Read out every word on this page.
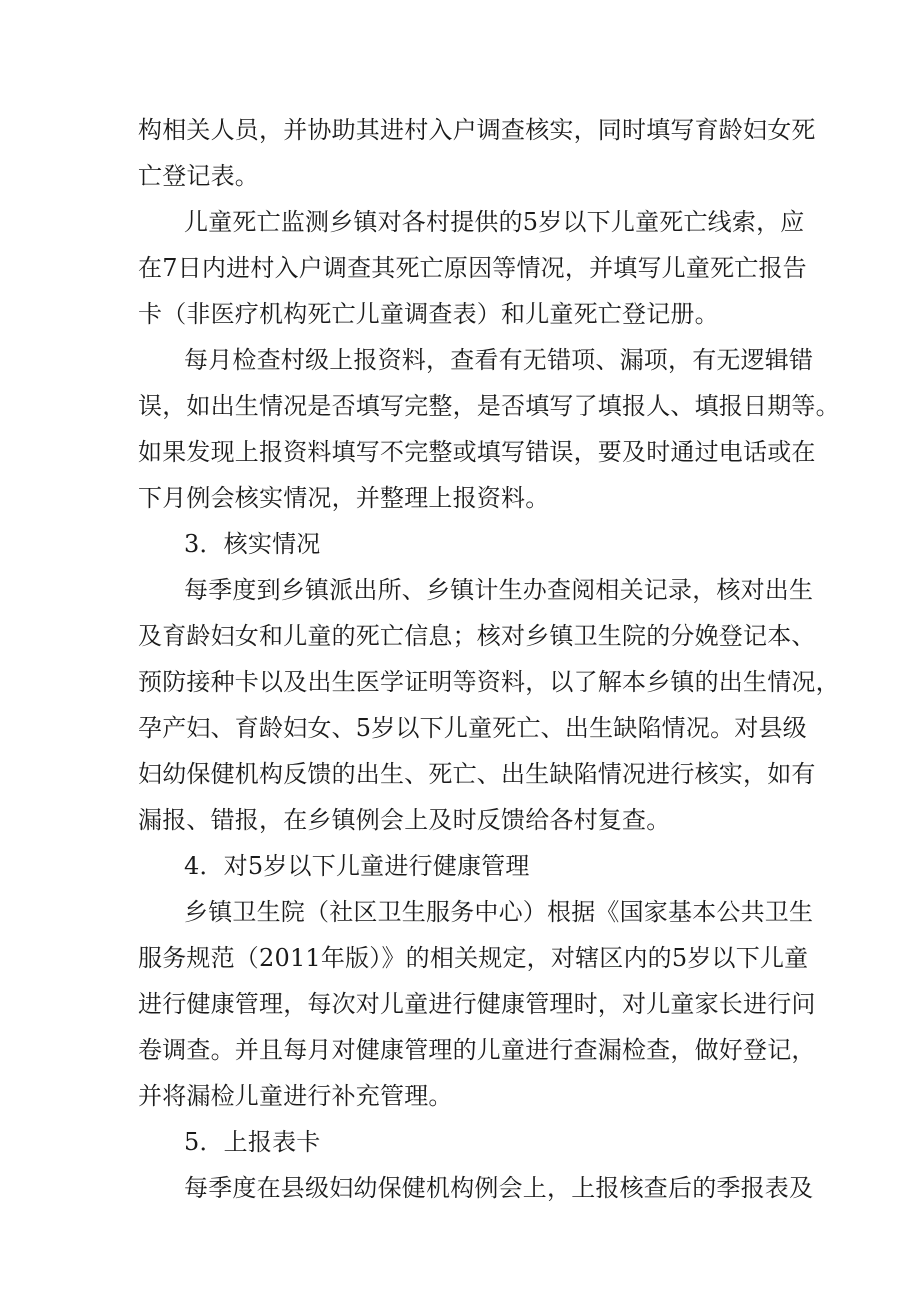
构相关人员，并协助其进村入户调查核实，同时填写育龄妇女死
亡登记表。
儿童死亡监测乡镇对各村提供的5岁以下儿童死亡线索，应
在7日内进村入户调查其死亡原因等情况，并填写儿童死亡报告
卡（非医疗机构死亡儿童调查表）和儿童死亡登记册。
每月检查村级上报资料，查看有无错项、漏项，有无逻辑错
误，如出生情况是否填写完整，是否填写了填报人、填报日期等。
如果发现上报资料填写不完整或填写错误，要及时通过电话或在
下月例会核实情况，并整理上报资料。
3．核实情况
每季度到乡镇派出所、乡镇计生办查阅相关记录，核对出生
及育龄妇女和儿童的死亡信息；核对乡镇卫生院的分娩登记本、
预防接种卡以及出生医学证明等资料，以了解本乡镇的出生情况，
孕产妇、育龄妇女、5岁以下儿童死亡、出生缺陷情况。对县级
妇幼保健机构反馈的出生、死亡、出生缺陷情况进行核实，如有
漏报、错报，在乡镇例会上及时反馈给各村复查。
4．对5岁以下儿童进行健康管理
乡镇卫生院（社区卫生服务中心）根据《国家基本公共卫生
服务规范（2011年版）》的相关规定，对辖区内的5岁以下儿童
进行健康管理，每次对儿童进行健康管理时，对儿童家长进行问
卷调查。并且每月对健康管理的儿童进行查漏检查，做好登记，
并将漏检儿童进行补充管理。
5．上报表卡
每季度在县级妇幼保健机构例会上，上报核查后的季报表及
